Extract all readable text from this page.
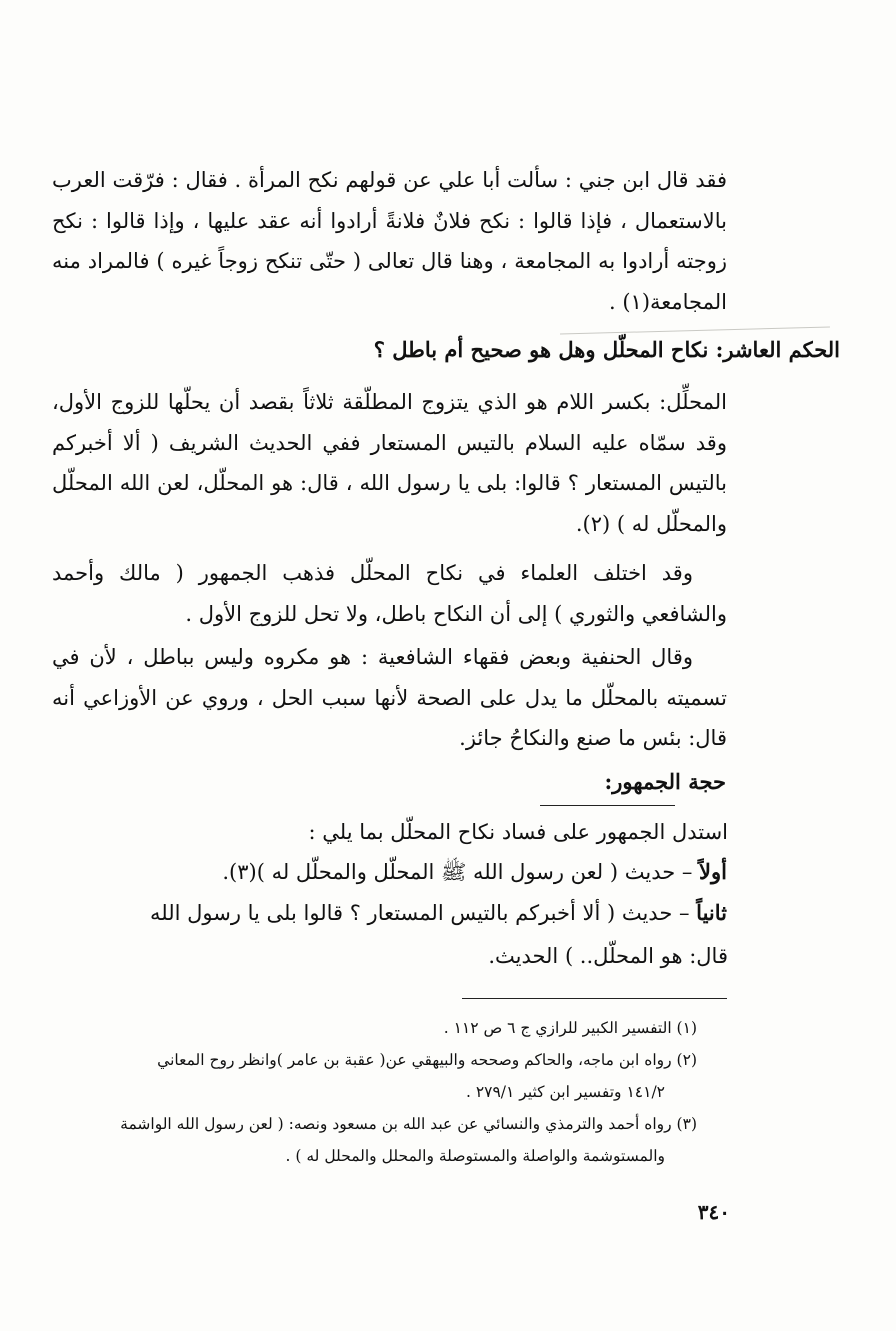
فقد قال ابن جني : سألت أبا علي عن قولهم نكح المرأة . فقال : فرّقت العرب بالاستعمال ، فإذا قالوا : نكح فلانٌ فلانةً أرادوا أنه عقد عليها ، وإذا قالوا : نكح زوجته أرادوا به المجامعة ، وهنا قال تعالى ( حتّى تنكح زوجاً غيره ) فالمراد منه المجامعة(١) .

الحكم العاشر: نكاح المحلّل وهل هو صحيح أم باطل ؟

المحلِّل: بكسر اللام هو الذي يتزوج المطلّقة ثلاثاً بقصد أن يحلّها للزوج الأول، وقد سمّاه عليه السلام بالتيس المستعار ففي الحديث الشريف ( ألا أخبركم بالتيس المستعار ؟ قالوا: بلى يا رسول الله ، قال: هو المحلّل، لعن الله المحلّل والمحلّل له ) (٢).

وقد اختلف العلماء في نكاح المحلّل فذهب الجمهور ( مالك وأحمد والشافعي والثوري ) إلى أن النكاح باطل، ولا تحل للزوج الأول .

وقال الحنفية وبعض فقهاء الشافعية : هو مكروه وليس بباطل ، لأن في تسميته بالمحلّل ما يدل على الصحة لأنها سبب الحل ، وروي عن الأوزاعي أنه قال: بئس ما صنع والنكاحُ جائز.

حجة الجمهور:

استدل الجمهور على فساد نكاح المحلّل بما يلي :

أولاً – حديث ( لعن رسول الله ﷺ المحلّل والمحلّل له )(٣).

ثانياً – حديث ( ألا أخبركم بالتيس المستعار ؟ قالوا بلى يا رسول الله

قال: هو المحلّل.. ) الحديث.

(١) التفسير الكبير للرازي ج ٦ ص ١١٢ .
(٢) رواه ابن ماجه، والحاكم وصححه والبيهقي عن( عقبة بن عامر )وانظر روح المعاني
١٤١/٢ وتفسير ابن كثير ٢٧٩/١ .
(٣) رواه أحمد والترمذي والنسائي عن عبد الله بن مسعود ونصه: ( لعن رسول الله الواشمة
والمستوشمة والواصلة والمستوصلة والمحلل والمحلل له ) .
٣٤٠
